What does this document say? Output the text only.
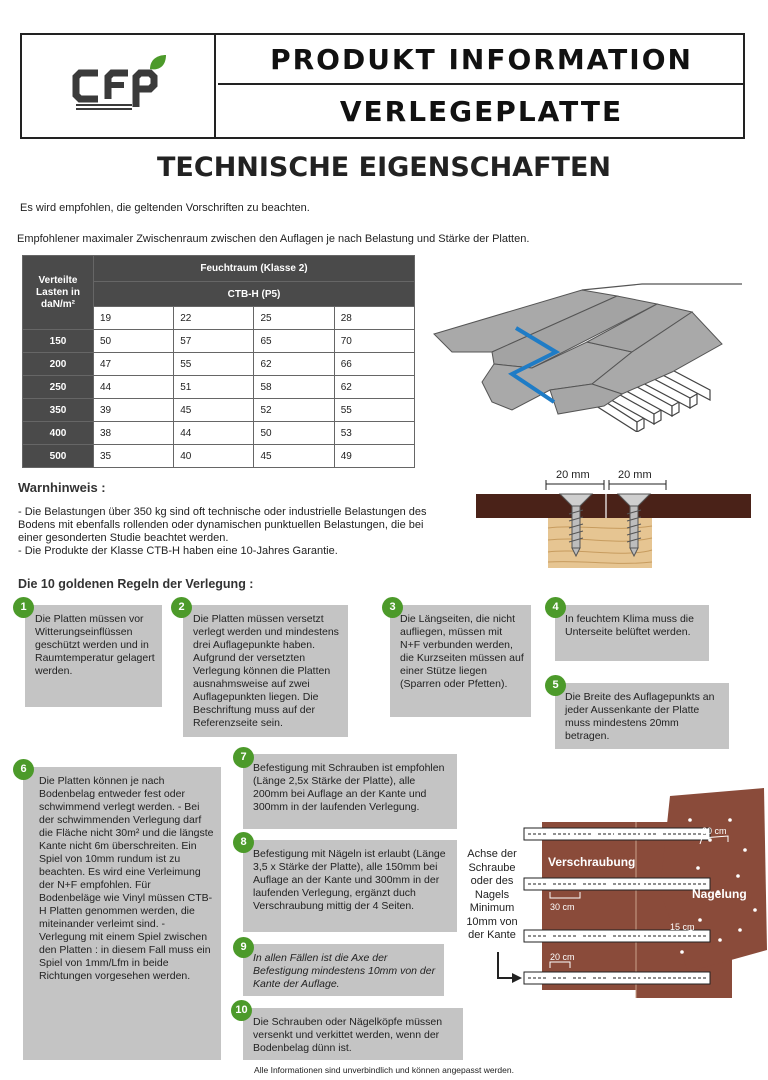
PRODUKT INFORMATION
VERLEGEPLATTE
TECHNISCHE EIGENSCHAFTEN
Es wird empfohlen, die geltenden Vorschriften zu beachten.
Empfohlener maximaler Zwischenraum zwischen den Auflagen je nach Belastung und Stärke der Platten.
Verteilte Lasten in daN/m²	Feuchtraum (Klasse 2)			
	CTB-H (P5)			
	19	22	25	28
150	50	57	65	70
200	47	55	62	66
250	44	51	58	62
350	39	45	52	55
400	38	44	50	53
500	35	40	45	49
20 mm	20 mm
Warnhinweis :
- Die Belastungen über 350 kg sind oft technische oder industrielle Belastungen des Bodens mit ebenfalls rollenden oder dynamischen punktuellen Belastungen, die bei einer gesonderten Studie beachtet werden.
- Die Produkte der Klasse CTB-H haben eine 10-Jahres Garantie.
Die 10 goldenen Regeln der Verlegung :
Die Platten müssen vor Witterungseinflüssen geschützt werden und in Raumtemperatur gelagert werden.
1
Die Platten müssen versetzt verlegt werden und mindestens drei Auflagepunkte haben. Aufgrund der versetzten Verlegung können die Platten ausnahmsweise auf zwei Auflagepunkten liegen. Die Beschriftung muss auf der Referenzseite sein.
2
Die Längseiten, die nicht aufliegen, müssen mit N+F verbunden werden, die Kurzseiten müssen auf einer Stütze liegen (Sparren oder Pfetten).
3
In feuchtem Klima muss die Unterseite belüftet werden.
4
Die Breite des Auflagepunkts an jeder Aussenkante der Platte muss mindestens 20mm betragen.
5
Die Platten können je nach Bodenbelag entweder fest oder schwimmend verlegt werden. - Bei der schwimmenden Verlegung darf die Fläche nicht 30m² und die längste Kante nicht 6m überschreiten. Ein Spiel von 10mm rundum ist zu beachten. Es wird eine Verleimung der N+F empfohlen. Für Bodenbeläge wie Vinyl müssen CTB-H Platten genommen werden, die miteinander verleimt sind. - Verlegung mit einem Spiel zwischen den Platten : in diesem Fall muss ein Spiel von 1mm/Lfm in beide Richtungen vorgesehen werden.
6	Befestigung mit Schrauben ist empfohlen (Länge 2,5x Stärke der Platte), alle 200mm bei Auflage an der Kante und 300mm in der laufenden Verlegung.
7
Befestigung mit Nägeln ist erlaubt (Länge 3,5 x Stärke der Platte), alle 150mm bei Auflage an der Kante und 300mm in der laufenden Verlegung, ergänzt duch Verschraubung mittig der 4 Seiten.
8
In allen Fällen ist die Axe der Befestigung mindestens 10mm von der Kante der Auflage.
9
Die Schrauben oder Nägelköpfe müssen versenkt und verkittet werden, wenn der Bodenbelag dünn ist.
10
Achse der Schraube oder des Nagels Minimum 10mm von der Kante
Verschraubung
Nagelung
30 cm
30 cm
20 cm
15 cm
Alle Informationen sind unverbindlich und können angepasst werden.
